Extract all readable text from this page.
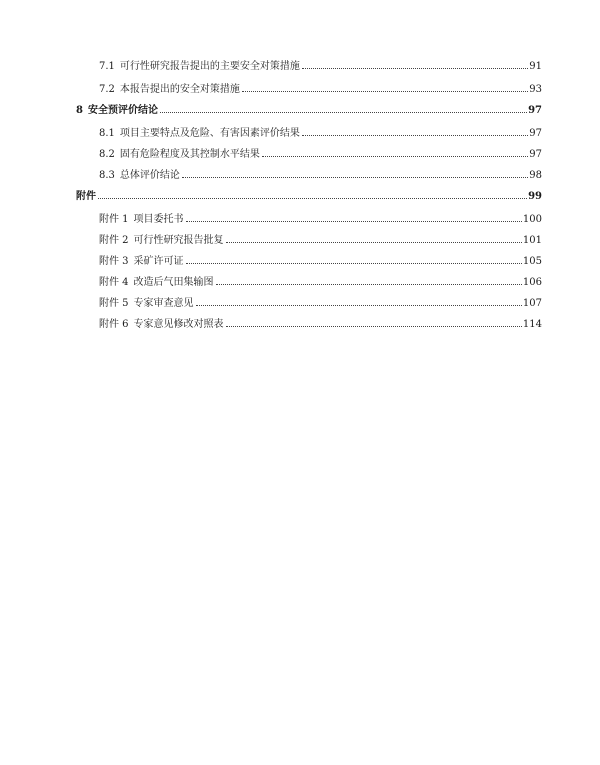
7.1 可行性研究报告提出的主要安全对策措施	91
7.2 本报告提出的安全对策措施	93
8 安全预评价结论	97
8.1 项目主要特点及危险、有害因素评价结果	97
8.2 固有危险程度及其控制水平结果	97
8.3 总体评价结论	98
附件	99
附件 1 项目委托书	100
附件 2 可行性研究报告批复	101
附件 3 采矿许可证	105
附件 4 改造后气田集输图	106
附件 5 专家审查意见	107
附件 6 专家意见修改对照表	114
